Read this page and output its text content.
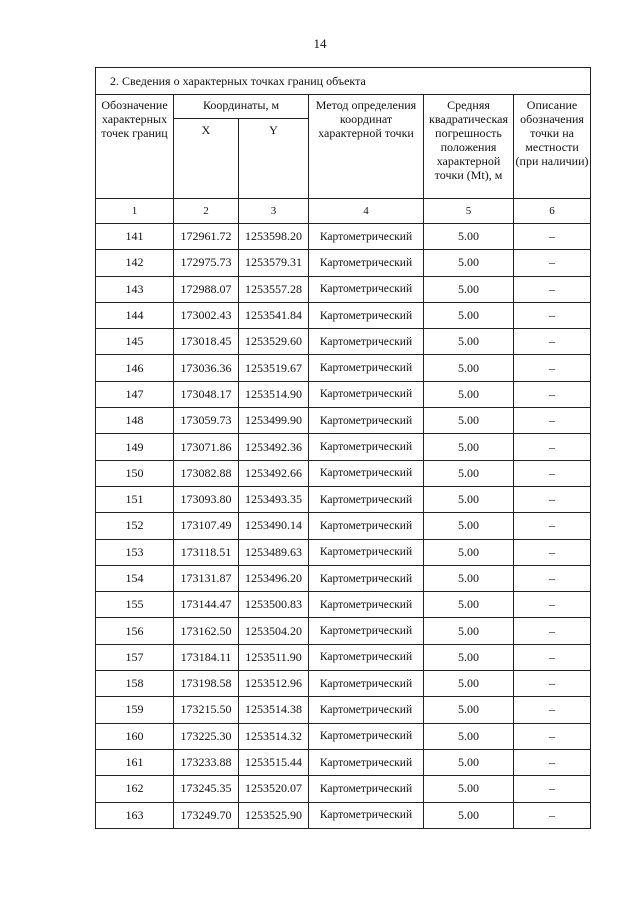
14
2. Сведения о характерных точках границ объекта					
Обозначение характерных точек границ	Координаты, м		Метод определения координат характерной точки	Средняя квадратическая погрешность положения характерной точки (Mt), м	Описание обозначения точки на местности (при наличии)
	X	Y			
1	2	3	4	5	6
141	172961.72	1253598.20	Картометрический	5.00	–
142	172975.73	1253579.31	Картометрический	5.00	–
143	172988.07	1253557.28	Картометрический	5.00	–
144	173002.43	1253541.84	Картометрический	5.00	–
145	173018.45	1253529.60	Картометрический	5.00	–
146	173036.36	1253519.67	Картометрический	5.00	–
147	173048.17	1253514.90	Картометрический	5.00	–
148	173059.73	1253499.90	Картометрический	5.00	–
149	173071.86	1253492.36	Картометрический	5.00	–
150	173082.88	1253492.66	Картометрический	5.00	–
151	173093.80	1253493.35	Картометрический	5.00	–
152	173107.49	1253490.14	Картометрический	5.00	–
153	173118.51	1253489.63	Картометрический	5.00	–
154	173131.87	1253496.20	Картометрический	5.00	–
155	173144.47	1253500.83	Картометрический	5.00	–
156	173162.50	1253504.20	Картометрический	5.00	–
157	173184.11	1253511.90	Картометрический	5.00	–
158	173198.58	1253512.96	Картометрический	5.00	–
159	173215.50	1253514.38	Картометрический	5.00	–
160	173225.30	1253514.32	Картометрический	5.00	–
161	173233.88	1253515.44	Картометрический	5.00	–
162	173245.35	1253520.07	Картометрический	5.00	–
163	173249.70	1253525.90	Картометрический	5.00	–
